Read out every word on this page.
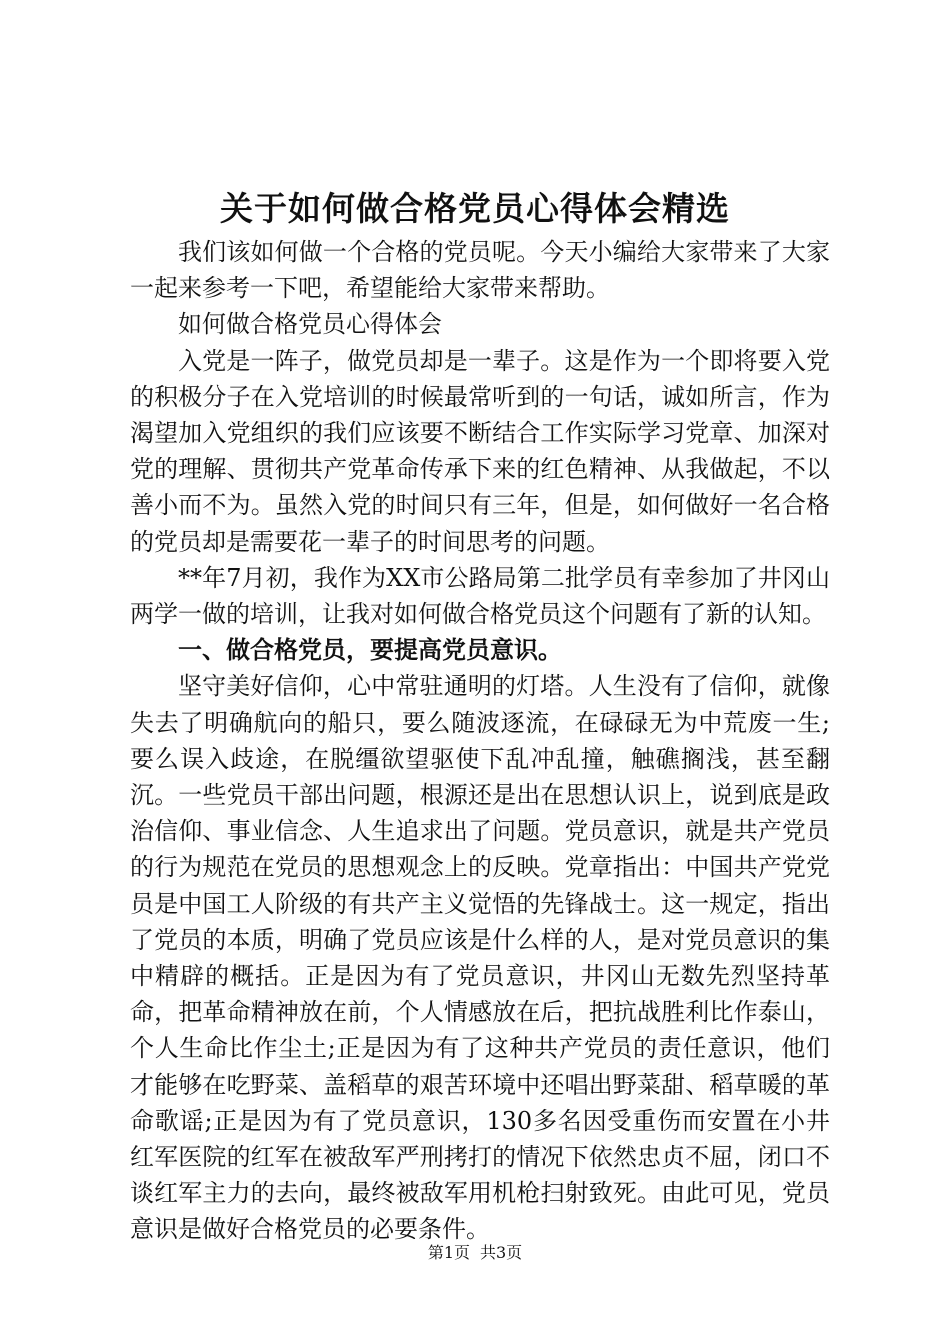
关于如何做合格党员心得体会精选

我们该如何做一个合格的党员呢。今天小编给大家带来了大家一起来参考一下吧，希望能给大家带来帮助。

如何做合格党员心得体会

入党是一阵子，做党员却是一辈子。这是作为一个即将要入党的积极分子在入党培训的时候最常听到的一句话，诚如所言，作为渴望加入党组织的我们应该要不断结合工作实际学习党章、加深对党的理解、贯彻共产党革命传承下来的红色精神、从我做起，不以善小而不为。虽然入党的时间只有三年，但是，如何做好一名合格的党员却是需要花一辈子的时间思考的问题。

**年7月初，我作为XX市公路局第二批学员有幸参加了井冈山两学一做的培训，让我对如何做合格党员这个问题有了新的认知。

一、做合格党员，要提高党员意识。

坚守美好信仰，心中常驻通明的灯塔。人生没有了信仰，就像失去了明确航向的船只，要么随波逐流，在碌碌无为中荒废一生;要么误入歧途，在脱缰欲望驱使下乱冲乱撞，触礁搁浅，甚至翻沉。一些党员干部出问题，根源还是出在思想认识上，说到底是政治信仰、事业信念、人生追求出了问题。党员意识，就是共产党员的行为规范在党员的思想观念上的反映。党章指出：中国共产党党员是中国工人阶级的有共产主义觉悟的先锋战士。这一规定，指出了党员的本质，明确了党员应该是什么样的人，是对党员意识的集中精辟的概括。正是因为有了党员意识，井冈山无数先烈坚持革命，把革命精神放在前，个人情感放在后，把抗战胜利比作泰山，个人生命比作尘土;正是因为有了这种共产党员的责任意识，他们才能够在吃野菜、盖稻草的艰苦环境中还唱出野菜甜、稻草暖的革命歌谣;正是因为有了党员意识，130多名因受重伤而安置在小井红军医院的红军在被敌军严刑拷打的情况下依然忠贞不屈，闭口不谈红军主力的去向，最终被敌军用机枪扫射致死。由此可见，党员意识是做好合格党员的必要条件。

第1页 共3页
